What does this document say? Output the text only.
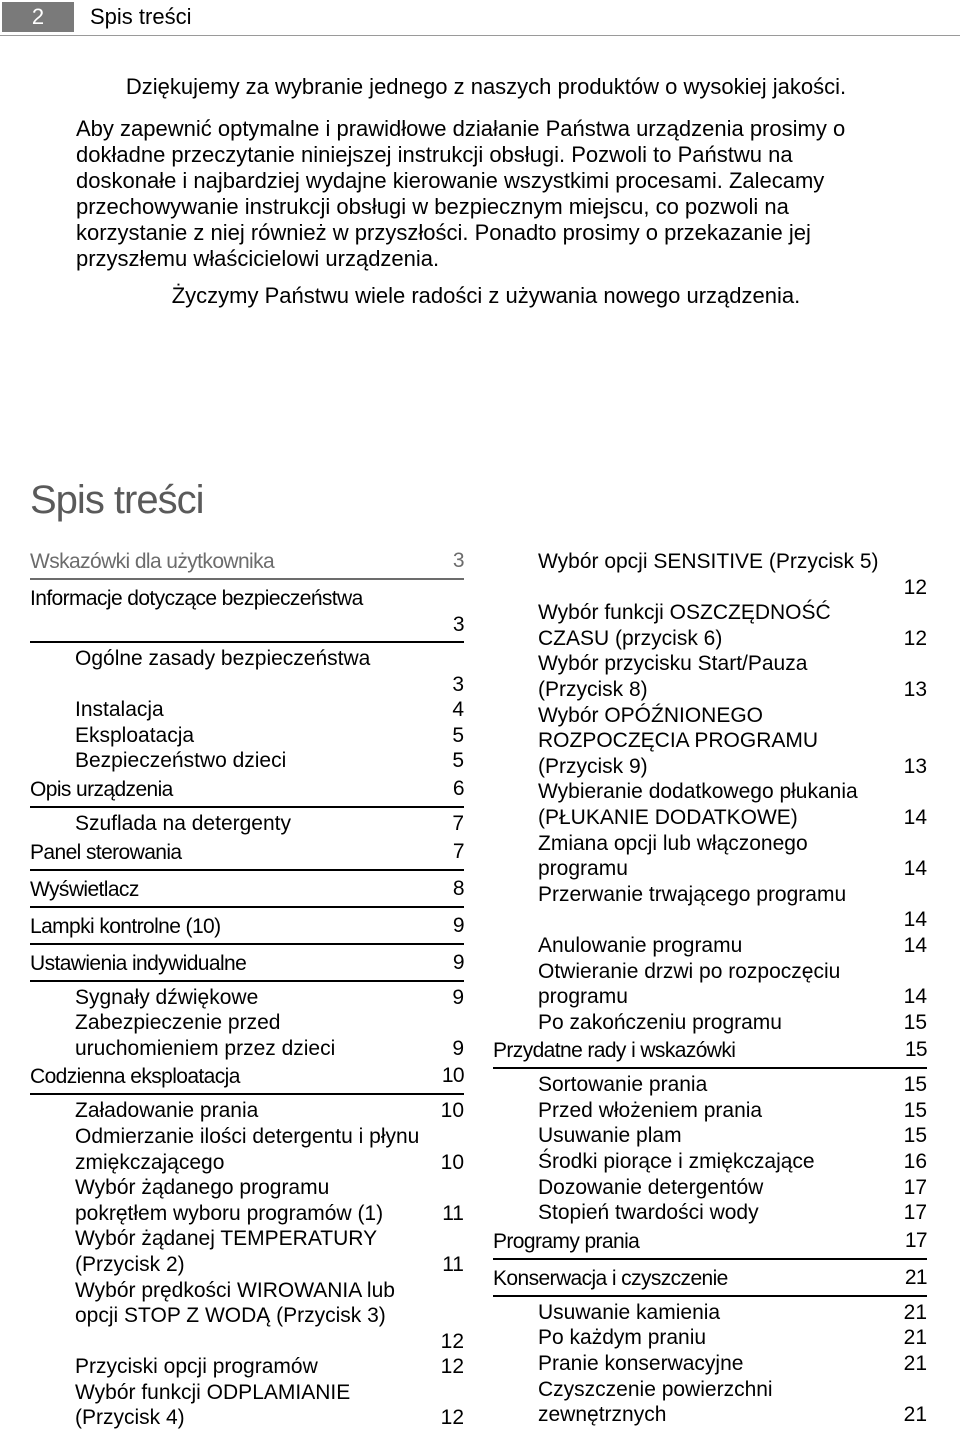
2	Spis treści

Dziękujemy za wybranie jednego z naszych produktów o wysokiej jakości.

Aby zapewnić optymalne i prawidłowe działanie Państwa urządzenia prosimy o dokładne przeczytanie niniejszej instrukcji obsługi. Pozwoli to Państwu na doskonałe i najbardziej wydajne kierowanie wszystkimi procesami. Zalecamy przechowywanie instrukcji obsługi w bezpiecznym miejscu, co pozwoli na korzystanie z niej również w przyszłości. Ponadto prosimy o przekazanie jej przyszłemu właścicielowi urządzenia.

Życzymy Państwu wiele radości z używania nowego urządzenia.

Spis treści
Wskazówki dla użytkownika	3
Informacje dotyczące bezpieczeństwa
3
Ogólne zasady bezpieczeństwa
3
Instalacja	4
Eksploatacja	5
Bezpieczeństwo dzieci	5
Opis urządzenia	6
Szuflada na detergenty	7
Panel sterowania	7
Wyświetlacz	8
Lampki kontrolne (10)	9
Ustawienia indywidualne	9
Sygnały dźwiękowe	9
Zabezpieczenie przed uruchomieniem przez dzieci	9
Codzienna eksploatacja	10
Załadowanie prania	10
Odmierzanie ilości detergentu i płynu zmiękczającego	10
Wybór żądanego programu pokrętłem wyboru programów (1)	11
Wybór żądanej TEMPERATURY (Przycisk 2)	11
Wybór prędkości WIROWANIA lub opcji STOP Z WODĄ (Przycisk 3)
12
Przyciski opcji programów	12
Wybór funkcji ODPLAMIANIE (Przycisk 4)	12
Wybór opcji SENSITIVE (Przycisk 5)
12
Wybór funkcji OSZCZĘDNOŚĆ CZASU (przycisk 6)	12
Wybór przycisku Start/Pauza (Przycisk 8)	13
Wybór OPÓŹNIONEGO ROZPOCZĘCIA PROGRAMU (Przycisk 9)	13
Wybieranie dodatkowego płukania (PŁUKANIE DODATKOWE)	14
Zmiana opcji lub włączonego programu	14
Przerwanie trwającego programu
14
Anulowanie programu	14
Otwieranie drzwi po rozpoczęciu programu	14
Po zakończeniu programu	15
Przydatne rady i wskazówki	15
Sortowanie prania	15
Przed włożeniem prania	15
Usuwanie plam	15
Środki piorące i zmiękczające	16
Dozowanie detergentów	17
Stopień twardości wody	17
Programy prania	17
Konserwacja i czyszczenie	21
Usuwanie kamienia	21
Po każdym praniu	21
Pranie konserwacyjne	21
Czyszczenie powierzchni zewnętrznych	21
